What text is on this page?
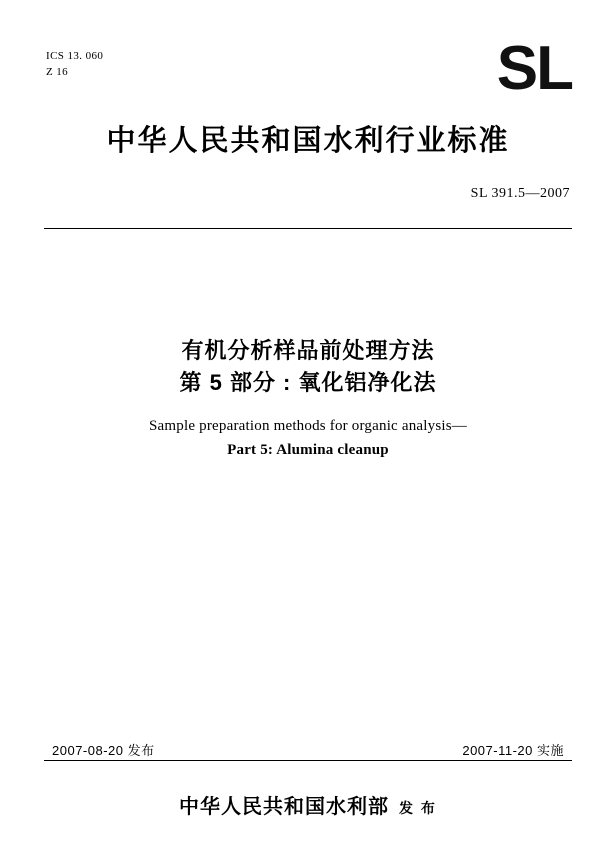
ICS 13. 060
Z 16	SL
中华人民共和国水利行业标准
SL 391.5—2007
有机分析样品前处理方法
第 5 部分 : 氧化铝净化法
Sample preparation methods for organic analysis—
Part 5: Alumina cleanup
2007-08-20 发布	2007-11-20 实施
中华人民共和国水利部 发 布
